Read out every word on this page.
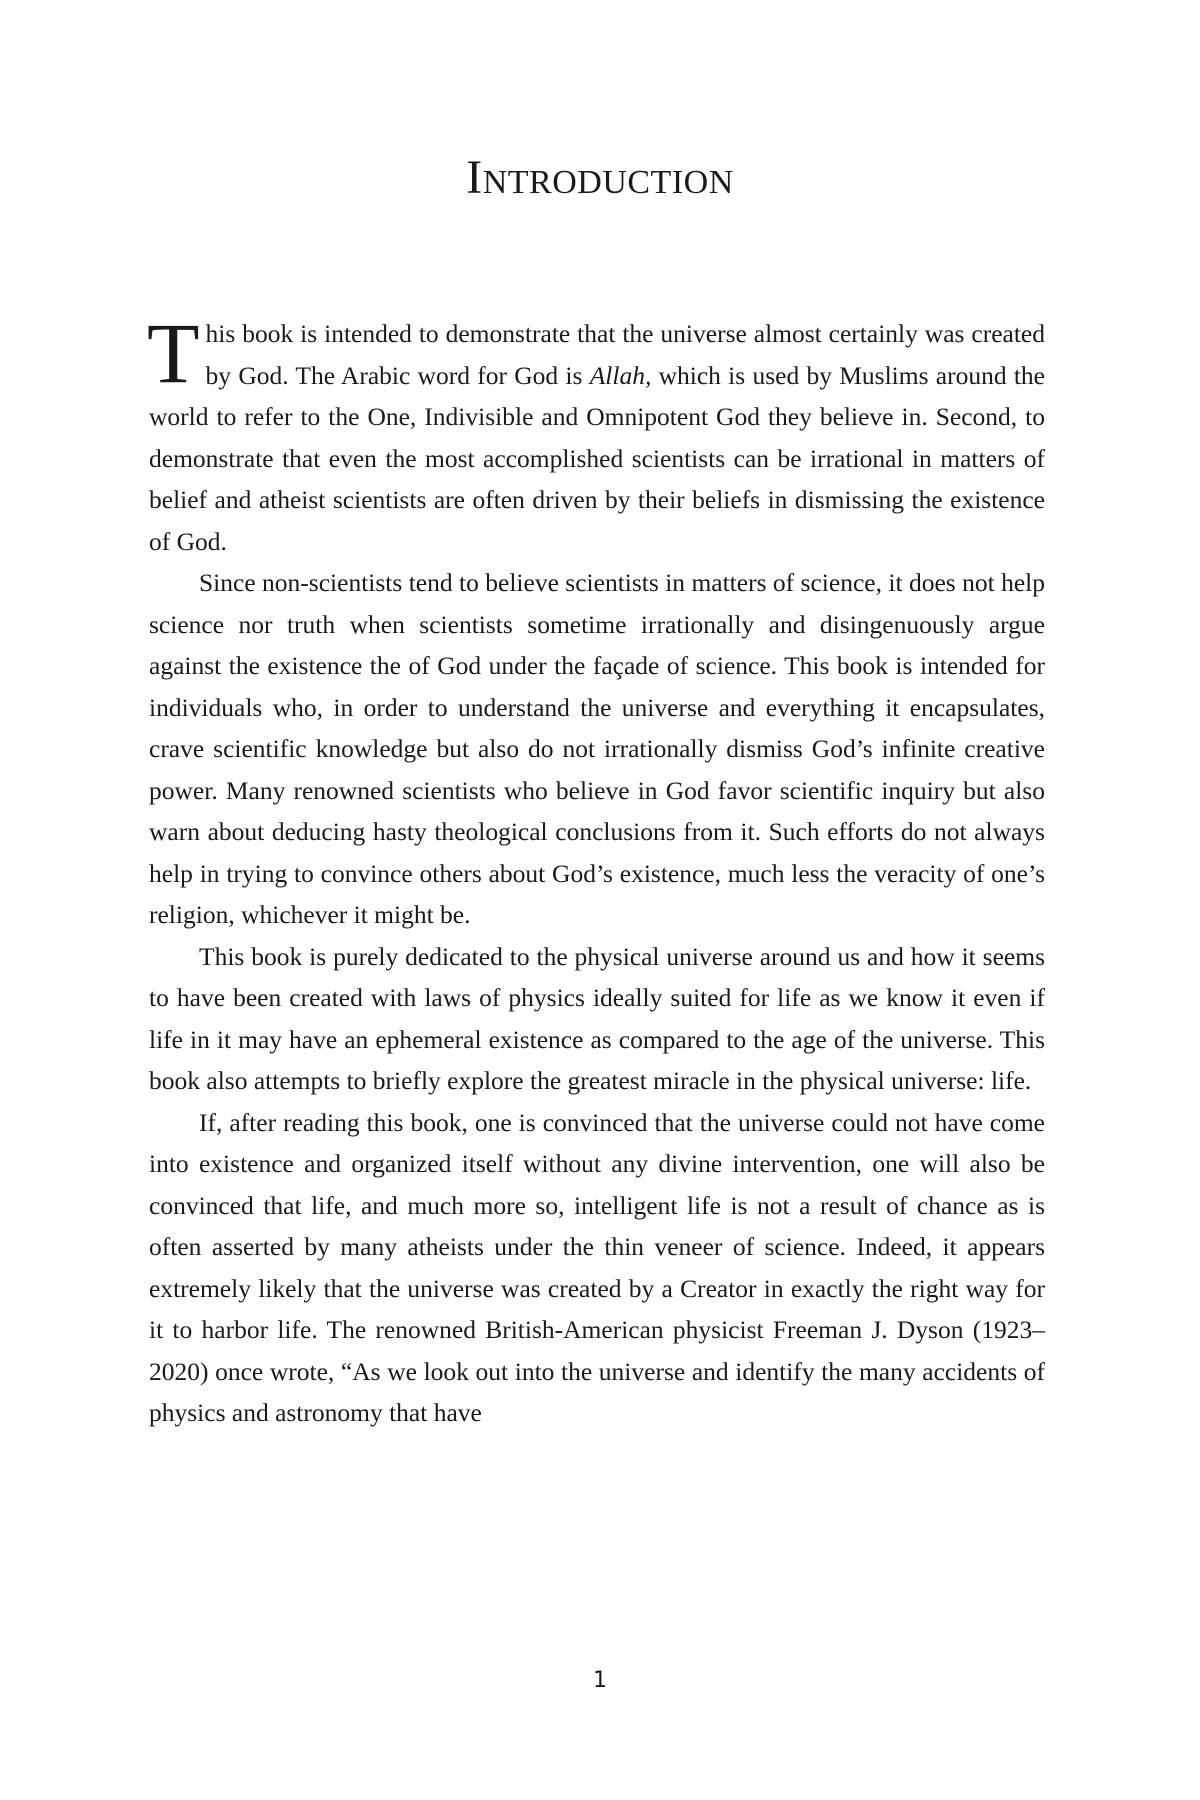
Introduction

This book is intended to demonstrate that the universe almost certainly was created by God. The Arabic word for God is Allah, which is used by Muslims around the world to refer to the One, Indivisible and Omnipotent God they believe in. Second, to demonstrate that even the most accomplished scientists can be irrational in matters of belief and atheist scientists are often driven by their beliefs in dismissing the existence of God.

Since non-scientists tend to believe scientists in matters of science, it does not help science nor truth when scientists sometime irrationally and disingenuously argue against the existence the of God under the façade of science. This book is intended for individuals who, in order to understand the universe and everything it encapsulates, crave scientific knowledge but also do not irrationally dismiss God’s infinite creative power. Many renowned scientists who believe in God favor scientific inquiry but also warn about deducing hasty theological conclusions from it. Such efforts do not always help in trying to convince others about God’s existence, much less the veracity of one’s religion, whichever it might be.

This book is purely dedicated to the physical universe around us and how it seems to have been created with laws of physics ideally suited for life as we know it even if life in it may have an ephemeral existence as compared to the age of the universe. This book also attempts to briefly explore the greatest miracle in the physical universe: life.

If, after reading this book, one is convinced that the universe could not have come into existence and organized itself without any divine intervention, one will also be convinced that life, and much more so, intelligent life is not a result of chance as is often asserted by many atheists under the thin veneer of science. Indeed, it appears extremely likely that the universe was created by a Creator in exactly the right way for it to harbor life. The renowned British-American physicist Freeman J. Dyson (1923–2020) once wrote, “As we look out into the universe and identify the many accidents of physics and astronomy that have

1
